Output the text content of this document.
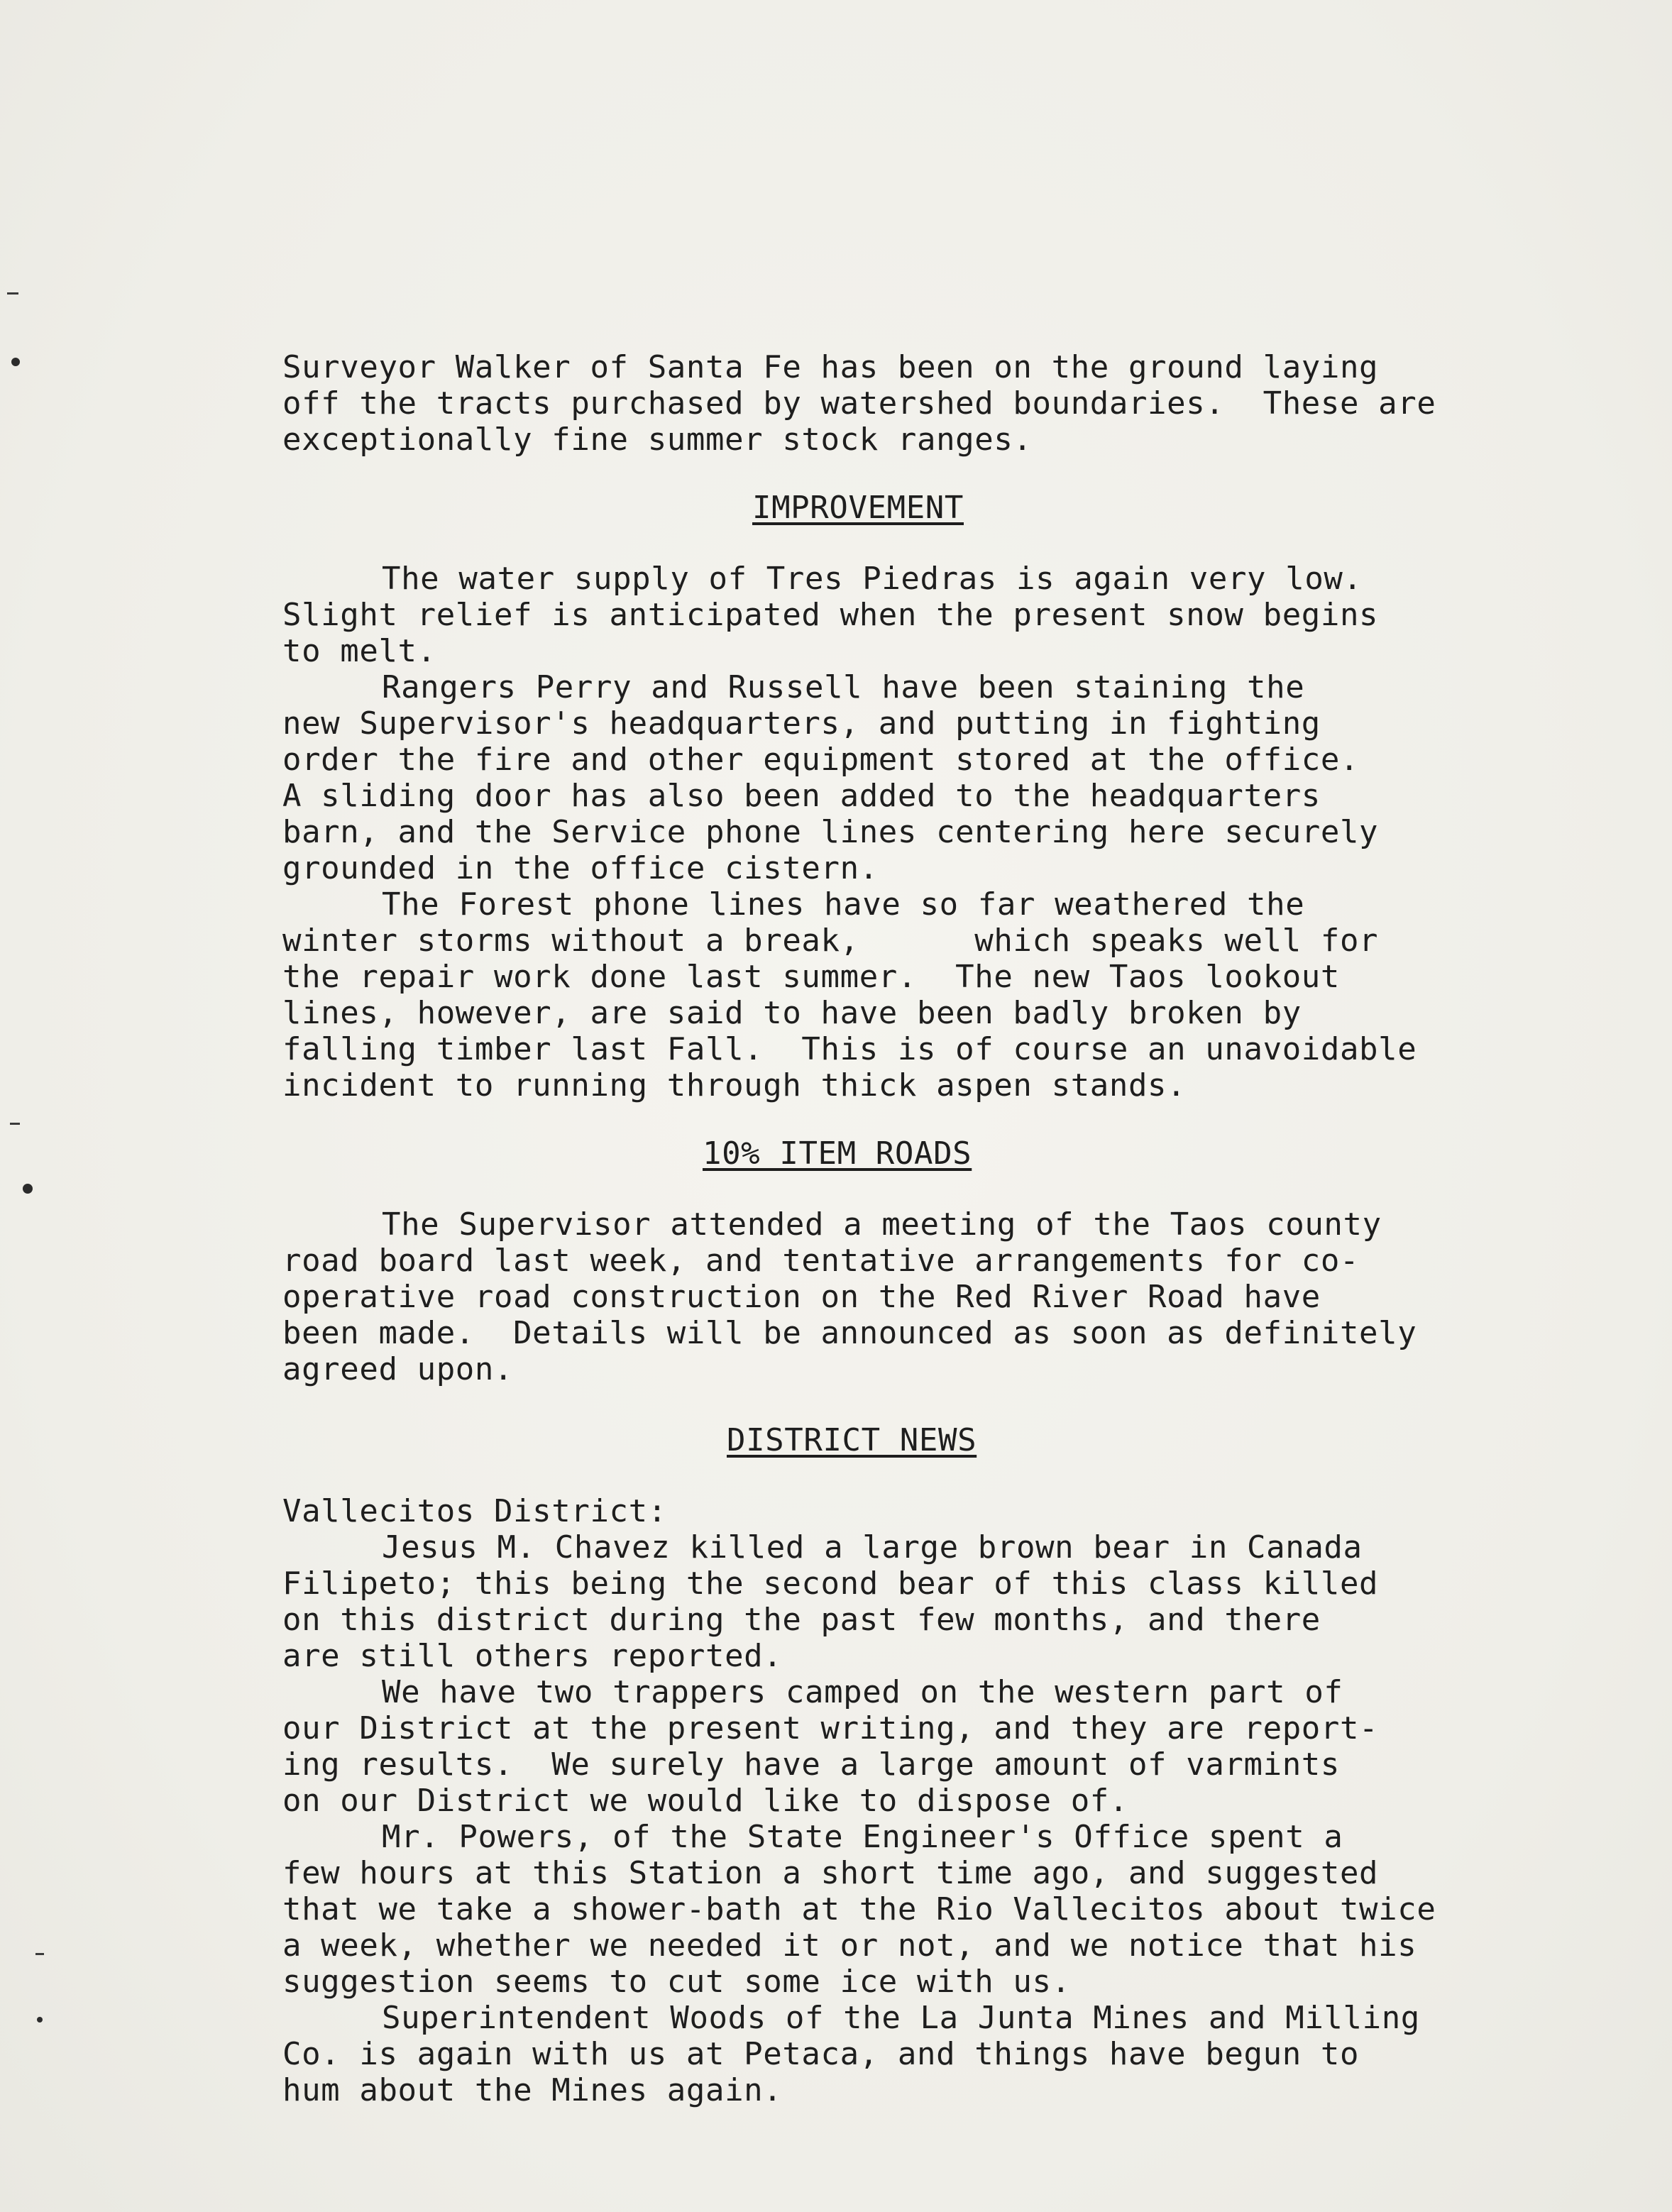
Surveyor Walker of Santa Fe has been on the ground laying
off the tracts purchased by watershed boundaries.  These are
exceptionally fine summer stock ranges.
IMPROVEMENT
The water supply of Tres Piedras is again very low.
Slight relief is anticipated when the present snow begins
to melt.
Rangers Perry and Russell have been staining the
new Supervisor's headquarters, and putting in fighting
order the fire and other equipment stored at the office.
A sliding door has also been added to the headquarters
barn, and the Service phone lines centering here securely
grounded in the office cistern.
The Forest phone lines have so far weathered the
winter storms without a break,      which speaks well for
the repair work done last summer.  The new Taos lookout
lines, however, are said to have been badly broken by
falling timber last Fall.  This is of course an unavoidable
incident to running through thick aspen stands.
10% ITEM ROADS
The Supervisor attended a meeting of the Taos county
road board last week, and tentative arrangements for co-
operative road construction on the Red River Road have
been made.  Details will be announced as soon as definitely
agreed upon.
DISTRICT NEWS
Vallecitos District:
Jesus M. Chavez killed a large brown bear in Canada
Filipeto; this being the second bear of this class killed
on this district during the past few months, and there
are still others reported.
We have two trappers camped on the western part of
our District at the present writing, and they are report-
ing results.  We surely have a large amount of varmints
on our District we would like to dispose of.
Mr. Powers, of the State Engineer's Office spent a
few hours at this Station a short time ago, and suggested
that we take a shower-bath at the Rio Vallecitos about twice
a week, whether we needed it or not, and we notice that his
suggestion seems to cut some ice with us.
Superintendent Woods of the La Junta Mines and Milling
Co. is again with us at Petaca, and things have begun to
hum about the Mines again.
